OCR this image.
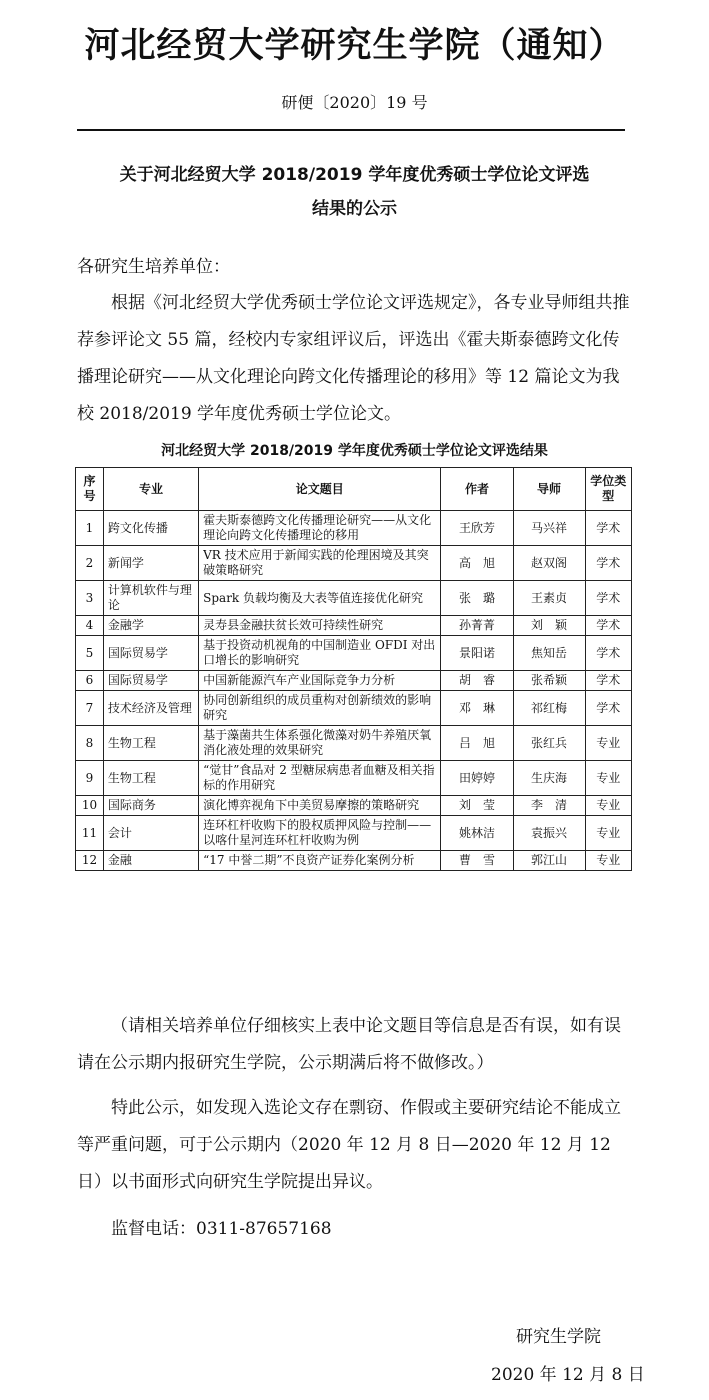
河北经贸大学研究生学院（通知）
研便〔2020〕19 号
关于河北经贸大学 2018/2019 学年度优秀硕士学位论文评选
结果的公示
各研究生培养单位：
根据《河北经贸大学优秀硕士学位论文评选规定》，各专业导师组共推荐参评论文 55 篇，经校内专家组评议后，评选出《霍夫斯泰德跨文化传播理论研究——从文化理论向跨文化传播理论的移用》等 12 篇论文为我校 2018/2019 学年度优秀硕士学位论文。
河北经贸大学 2018/2019 学年度优秀硕士学位论文评选结果
序号	专业	论文题目	作者	导师	学位类型
1	跨文化传播	霍夫斯泰德跨文化传播理论研究——从文化理论向跨文化传播理论的移用	王欣芳	马兴祥	学术
2	新闻学	VR 技术应用于新闻实践的伦理困境及其突破策略研究	高　旭	赵双阁	学术
3	计算机软件与理论	Spark 负载均衡及大表等值连接优化研究	张　璐	王素贞	学术
4	金融学	灵寿县金融扶贫长效可持续性研究	孙菁菁	刘　颖	学术
5	国际贸易学	基于投资动机视角的中国制造业 OFDI 对出口增长的影响研究	景阳诺	焦知岳	学术
6	国际贸易学	中国新能源汽车产业国际竞争力分析	胡　睿	张希颖	学术
7	技术经济及管理	协同创新组织的成员重构对创新绩效的影响研究	邓　琳	祁红梅	学术
8	生物工程	基于藻菌共生体系强化微藻对奶牛养殖厌氧消化液处理的效果研究	吕　旭	张红兵	专业
9	生物工程	“觉甘”食品对 2 型糖尿病患者血糖及相关指标的作用研究	田婷婷	生庆海	专业
10	国际商务	演化博弈视角下中美贸易摩擦的策略研究	刘　莹	李　清	专业
11	会计	连环杠杆收购下的股权质押风险与控制——以喀什星河连环杠杆收购为例	姚林洁	袁振兴	专业
12	金融	“17 中誉二期”不良资产证券化案例分析	曹　雪	郭江山	专业
（请相关培养单位仔细核实上表中论文题目等信息是否有误，如有误请在公示期内报研究生学院，公示期满后将不做修改。）
特此公示，如发现入选论文存在剽窃、作假或主要研究结论不能成立等严重问题，可于公示期内（2020 年 12 月 8 日—2020 年 12 月 12 日）以书面形式向研究生学院提出异议。
监督电话：0311-87657168
研究生学院
2020 年 12 月 8 日
